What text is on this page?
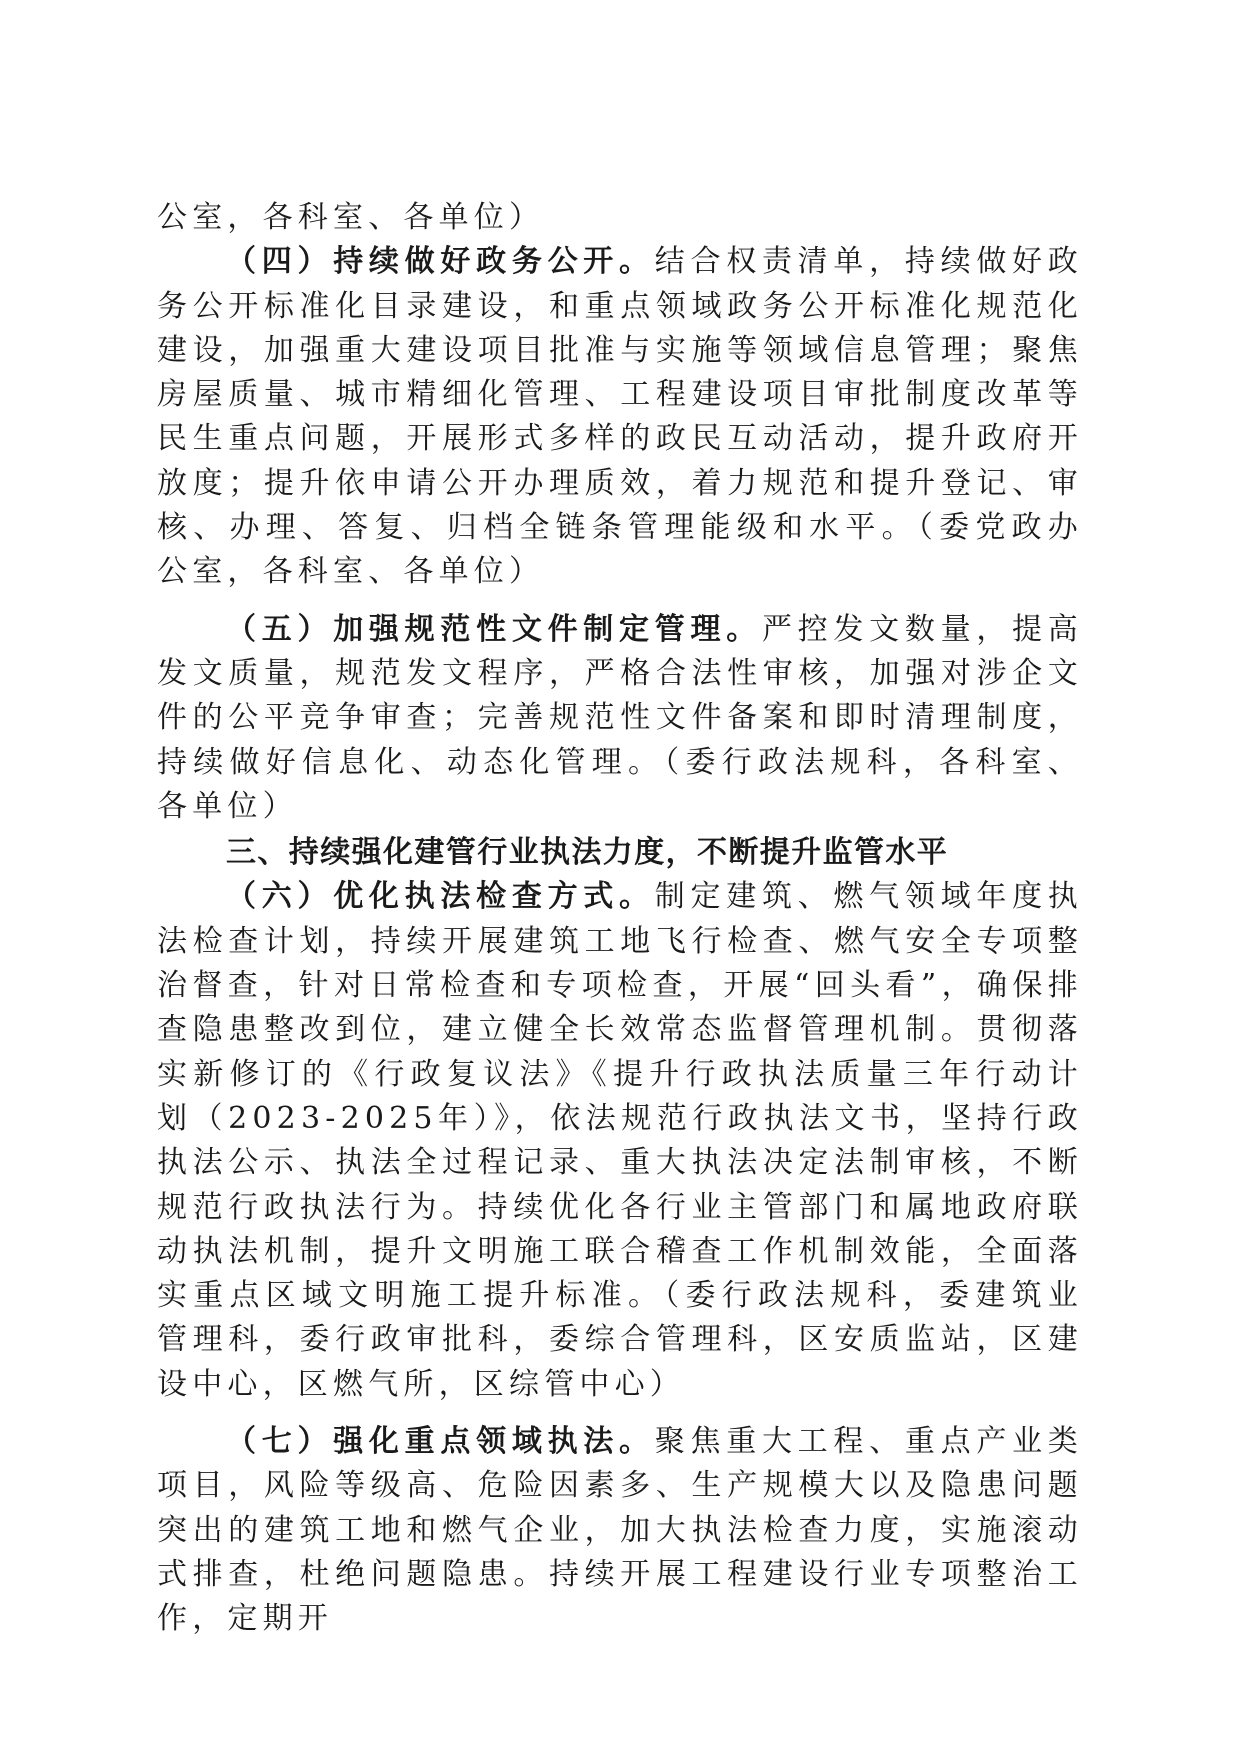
公室，各科室、各单位）

（四）持续做好政务公开。结合权责清单，持续做好政务公开标准化目录建设，和重点领域政务公开标准化规范化建设，加强重大建设项目批准与实施等领域信息管理；聚焦房屋质量、城市精细化管理、工程建设项目审批制度改革等民生重点问题，开展形式多样的政民互动活动，提升政府开放度；提升依申请公开办理质效，着力规范和提升登记、审核、办理、答复、归档全链条管理能级和水平。（委党政办公室，各科室、各单位）

（五）加强规范性文件制定管理。严控发文数量，提高发文质量，规范发文程序，严格合法性审核，加强对涉企文件的公平竞争审查；完善规范性文件备案和即时清理制度，持续做好信息化、动态化管理。（委行政法规科，各科室、各单位）

三、持续强化建管行业执法力度，不断提升监管水平

（六）优化执法检查方式。制定建筑、燃气领域年度执法检查计划，持续开展建筑工地飞行检查、燃气安全专项整治督查，针对日常检查和专项检查，开展“回头看”，确保排查隐患整改到位，建立健全长效常态监督管理机制。贯彻落实新修订的《行政复议法》《提升行政执法质量三年行动计划（2023-2025年）》，依法规范行政执法文书，坚持行政执法公示、执法全过程记录、重大执法决定法制审核，不断规范行政执法行为。持续优化各行业主管部门和属地政府联动执法机制，提升文明施工联合稽查工作机制效能，全面落实重点区域文明施工提升标准。（委行政法规科，委建筑业管理科，委行政审批科，委综合管理科，区安质监站，区建设中心，区燃气所，区综管中心）

（七）强化重点领域执法。聚焦重大工程、重点产业类项目，风险等级高、危险因素多、生产规模大以及隐患问题突出的建筑工地和燃气企业，加大执法检查力度，实施滚动式排查，杜绝问题隐患。持续开展工程建设行业专项整治工作，定期开
